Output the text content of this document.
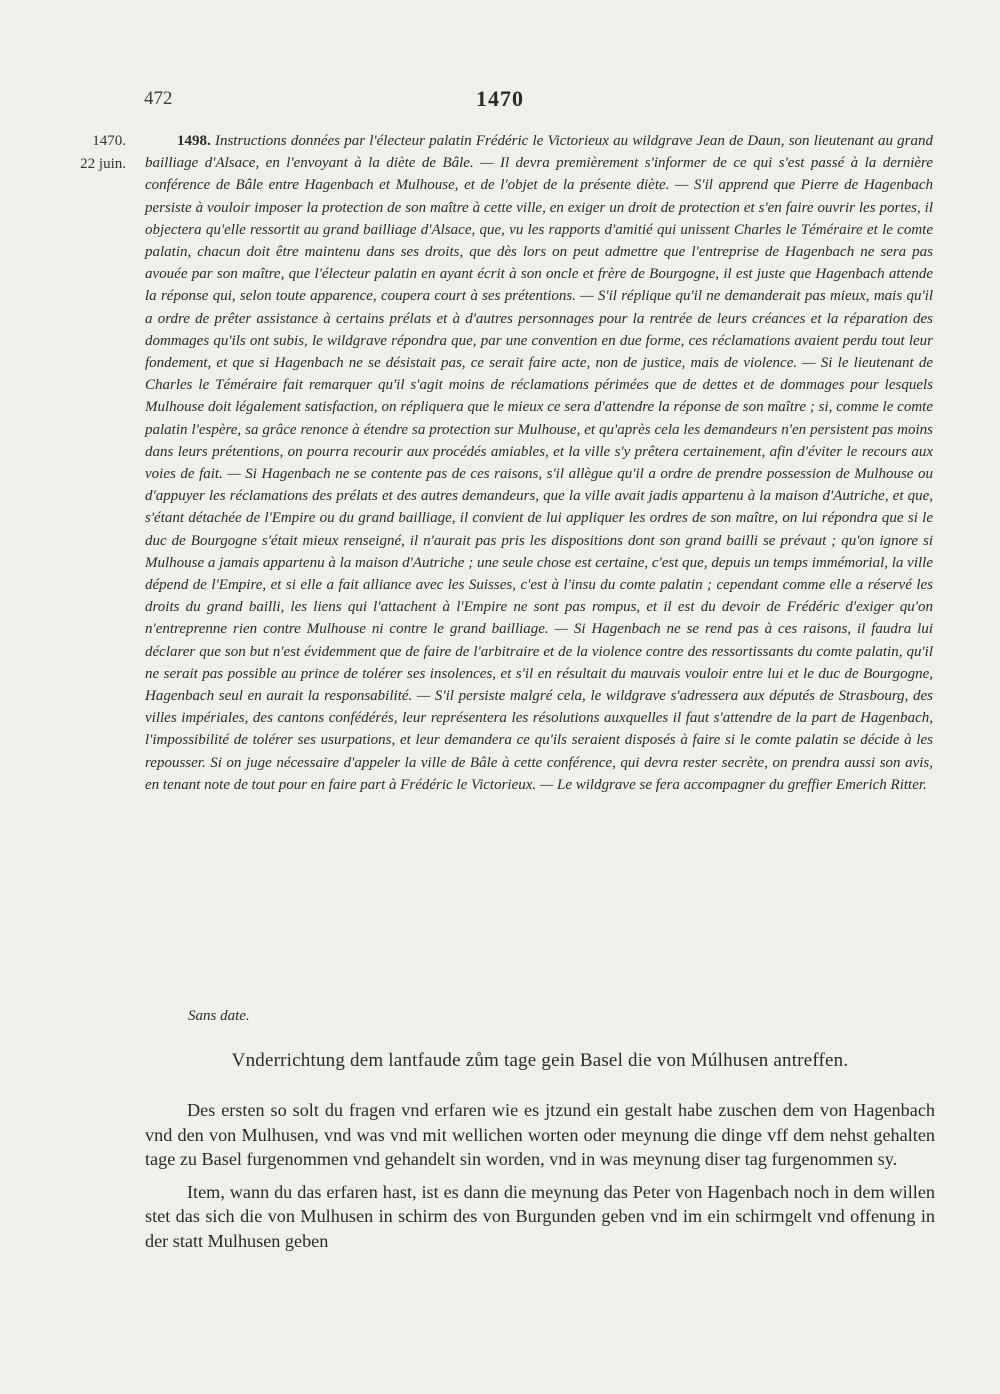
472	1470
1470.
22 juin.

1498. Instructions données par l'électeur palatin Frédéric le Victorieux au wildgrave Jean de Daun, son lieutenant au grand bailliage d'Alsace, en l'envoyant à la diète de Bâle. — Il devra premièrement s'informer de ce qui s'est passé à la dernière conférence de Bâle entre Hagenbach et Mulhouse, et de l'objet de la présente diète. — S'il apprend que Pierre de Hagenbach persiste à vouloir imposer la protection de son maître à cette ville, en exiger un droit de protection et s'en faire ouvrir les portes, il objectera qu'elle ressortit au grand bailliage d'Alsace, que, vu les rapports d'amitié qui unissent Charles le Téméraire et le comte palatin, chacun doit être maintenu dans ses droits, que dès lors on peut admettre que l'entreprise de Hagenbach ne sera pas avouée par son maître, que l'électeur palatin en ayant écrit à son oncle et frère de Bourgogne, il est juste que Hagenbach attende la réponse qui, selon toute apparence, coupera court à ses prétentions. — S'il réplique qu'il ne demanderait pas mieux, mais qu'il a ordre de prêter assistance à certains prélats et à d'autres personnages pour la rentrée de leurs créances et la réparation des dommages qu'ils ont subis, le wildgrave répondra que, par une convention en due forme, ces réclamations avaient perdu tout leur fondement, et que si Hagenbach ne se désistait pas, ce serait faire acte, non de justice, mais de violence. — Si le lieutenant de Charles le Téméraire fait remarquer qu'il s'agit moins de réclamations périmées que de dettes et de dommages pour lesquels Mulhouse doit légalement satisfaction, on répliquera que le mieux ce sera d'attendre la réponse de son maître ; si, comme le comte palatin l'espère, sa grâce renonce à étendre sa protection sur Mulhouse, et qu'après cela les demandeurs n'en persistent pas moins dans leurs prétentions, on pourra recourir aux procédés amiables, et la ville s'y prêtera certainement, afin d'éviter le recours aux voies de fait. — Si Hagenbach ne se contente pas de ces raisons, s'il allègue qu'il a ordre de prendre possession de Mulhouse ou d'appuyer les réclamations des prélats et des autres demandeurs, que la ville avait jadis appartenu à la maison d'Autriche, et que, s'étant détachée de l'Empire ou du grand bailliage, il convient de lui appliquer les ordres de son maître, on lui répondra que si le duc de Bourgogne s'était mieux renseigné, il n'aurait pas pris les dispositions dont son grand bailli se prévaut ; qu'on ignore si Mulhouse a jamais appartenu à la maison d'Autriche ; une seule chose est certaine, c'est que, depuis un temps immémorial, la ville dépend de l'Empire, et si elle a fait alliance avec les Suisses, c'est à l'insu du comte palatin ; cependant comme elle a réservé les droits du grand bailli, les liens qui l'attachent à l'Empire ne sont pas rompus, et il est du devoir de Frédéric d'exiger qu'on n'entreprenne rien contre Mulhouse ni contre le grand bailliage. — Si Hagenbach ne se rend pas à ces raisons, il faudra lui déclarer que son but n'est évidemment que de faire de l'arbitraire et de la violence contre des ressortissants du comte palatin, qu'il ne serait pas possible au prince de tolérer ses insolences, et s'il en résultait du mauvais vouloir entre lui et le duc de Bourgogne, Hagenbach seul en aurait la responsabilité. — S'il persiste malgré cela, le wildgrave s'adressera aux députés de Strasbourg, des villes impériales, des cantons confédérés, leur représentera les résolutions auxquelles il faut s'attendre de la part de Hagenbach, l'impossibilité de tolérer ses usurpations, et leur demandera ce qu'ils seraient disposés à faire si le comte palatin se décide à les repousser. Si on juge nécessaire d'appeler la ville de Bâle à cette conférence, qui devra rester secrète, on prendra aussi son avis, en tenant note de tout pour en faire part à Frédéric le Victorieux. — Le wildgrave se fera accompagner du greffier Emerich Ritter.

Sans date.
Vnderrichtung dem lantfaude zům tage gein Basel die von Múlhusen antreffen.

Des ersten so solt du fragen vnd erfaren wie es jtzund ein gestalt habe zuschen dem von Hagenbach vnd den von Mulhusen, vnd was vnd mit wellichen worten oder meynung die dinge vff dem nehst gehalten tage zu Basel furgenommen vnd gehandelt sin worden, vnd in was meynung diser tag furgenommen sy.

Item, wann du das erfaren hast, ist es dann die meynung das Peter von Hagenbach noch in dem willen stet das sich die von Mulhusen in schirm des von Burgunden geben vnd im ein schirmgelt vnd offenung in der statt Mulhusen geben
